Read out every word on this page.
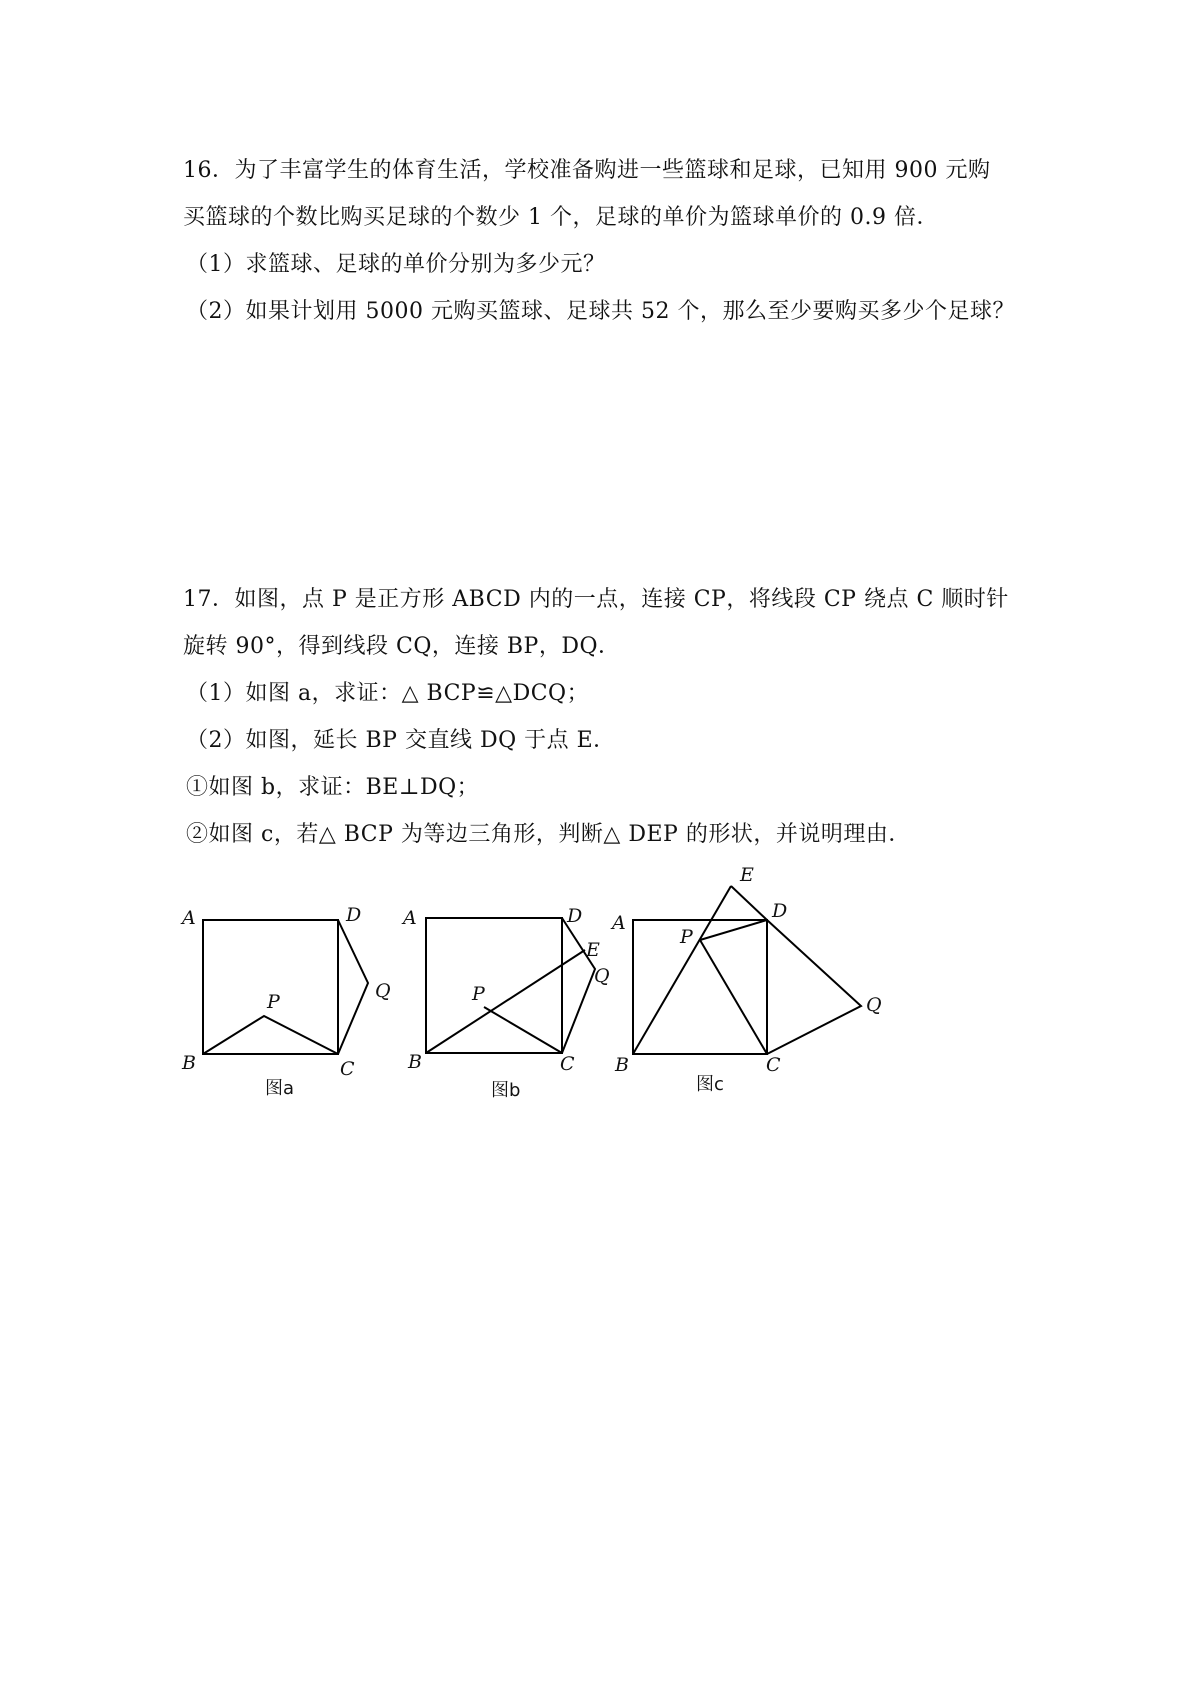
16．为了丰富学生的体育生活，学校准备购进一些篮球和足球，已知用 900 元购
买篮球的个数比购买足球的个数少 1 个，足球的单价为篮球单价的 0.9 倍．
（1）求篮球、足球的单价分别为多少元？
（2）如果计划用 5000 元购买篮球、足球共 52 个，那么至少要购买多少个足球？
17．如图，点 P 是正方形 ABCD 内的一点，连接 CP，将线段 CP 绕点 C 顺时针
旋转 90°，得到线段 CQ，连接 BP，DQ．
（1）如图 a，求证：△ BCP≌△DCQ；
（2）如图，延长 BP 交直线 DQ 于点 E．
①如图 b，求证：BE⊥DQ；
②如图 c，若△ BCP 为等边三角形，判断△ DEP 的形状，并说明理由．
A	D
B	C
P	Q
图a
A	D
E
Q
P
B	C
图b
A
E
D
P
Q
B	C
图c
